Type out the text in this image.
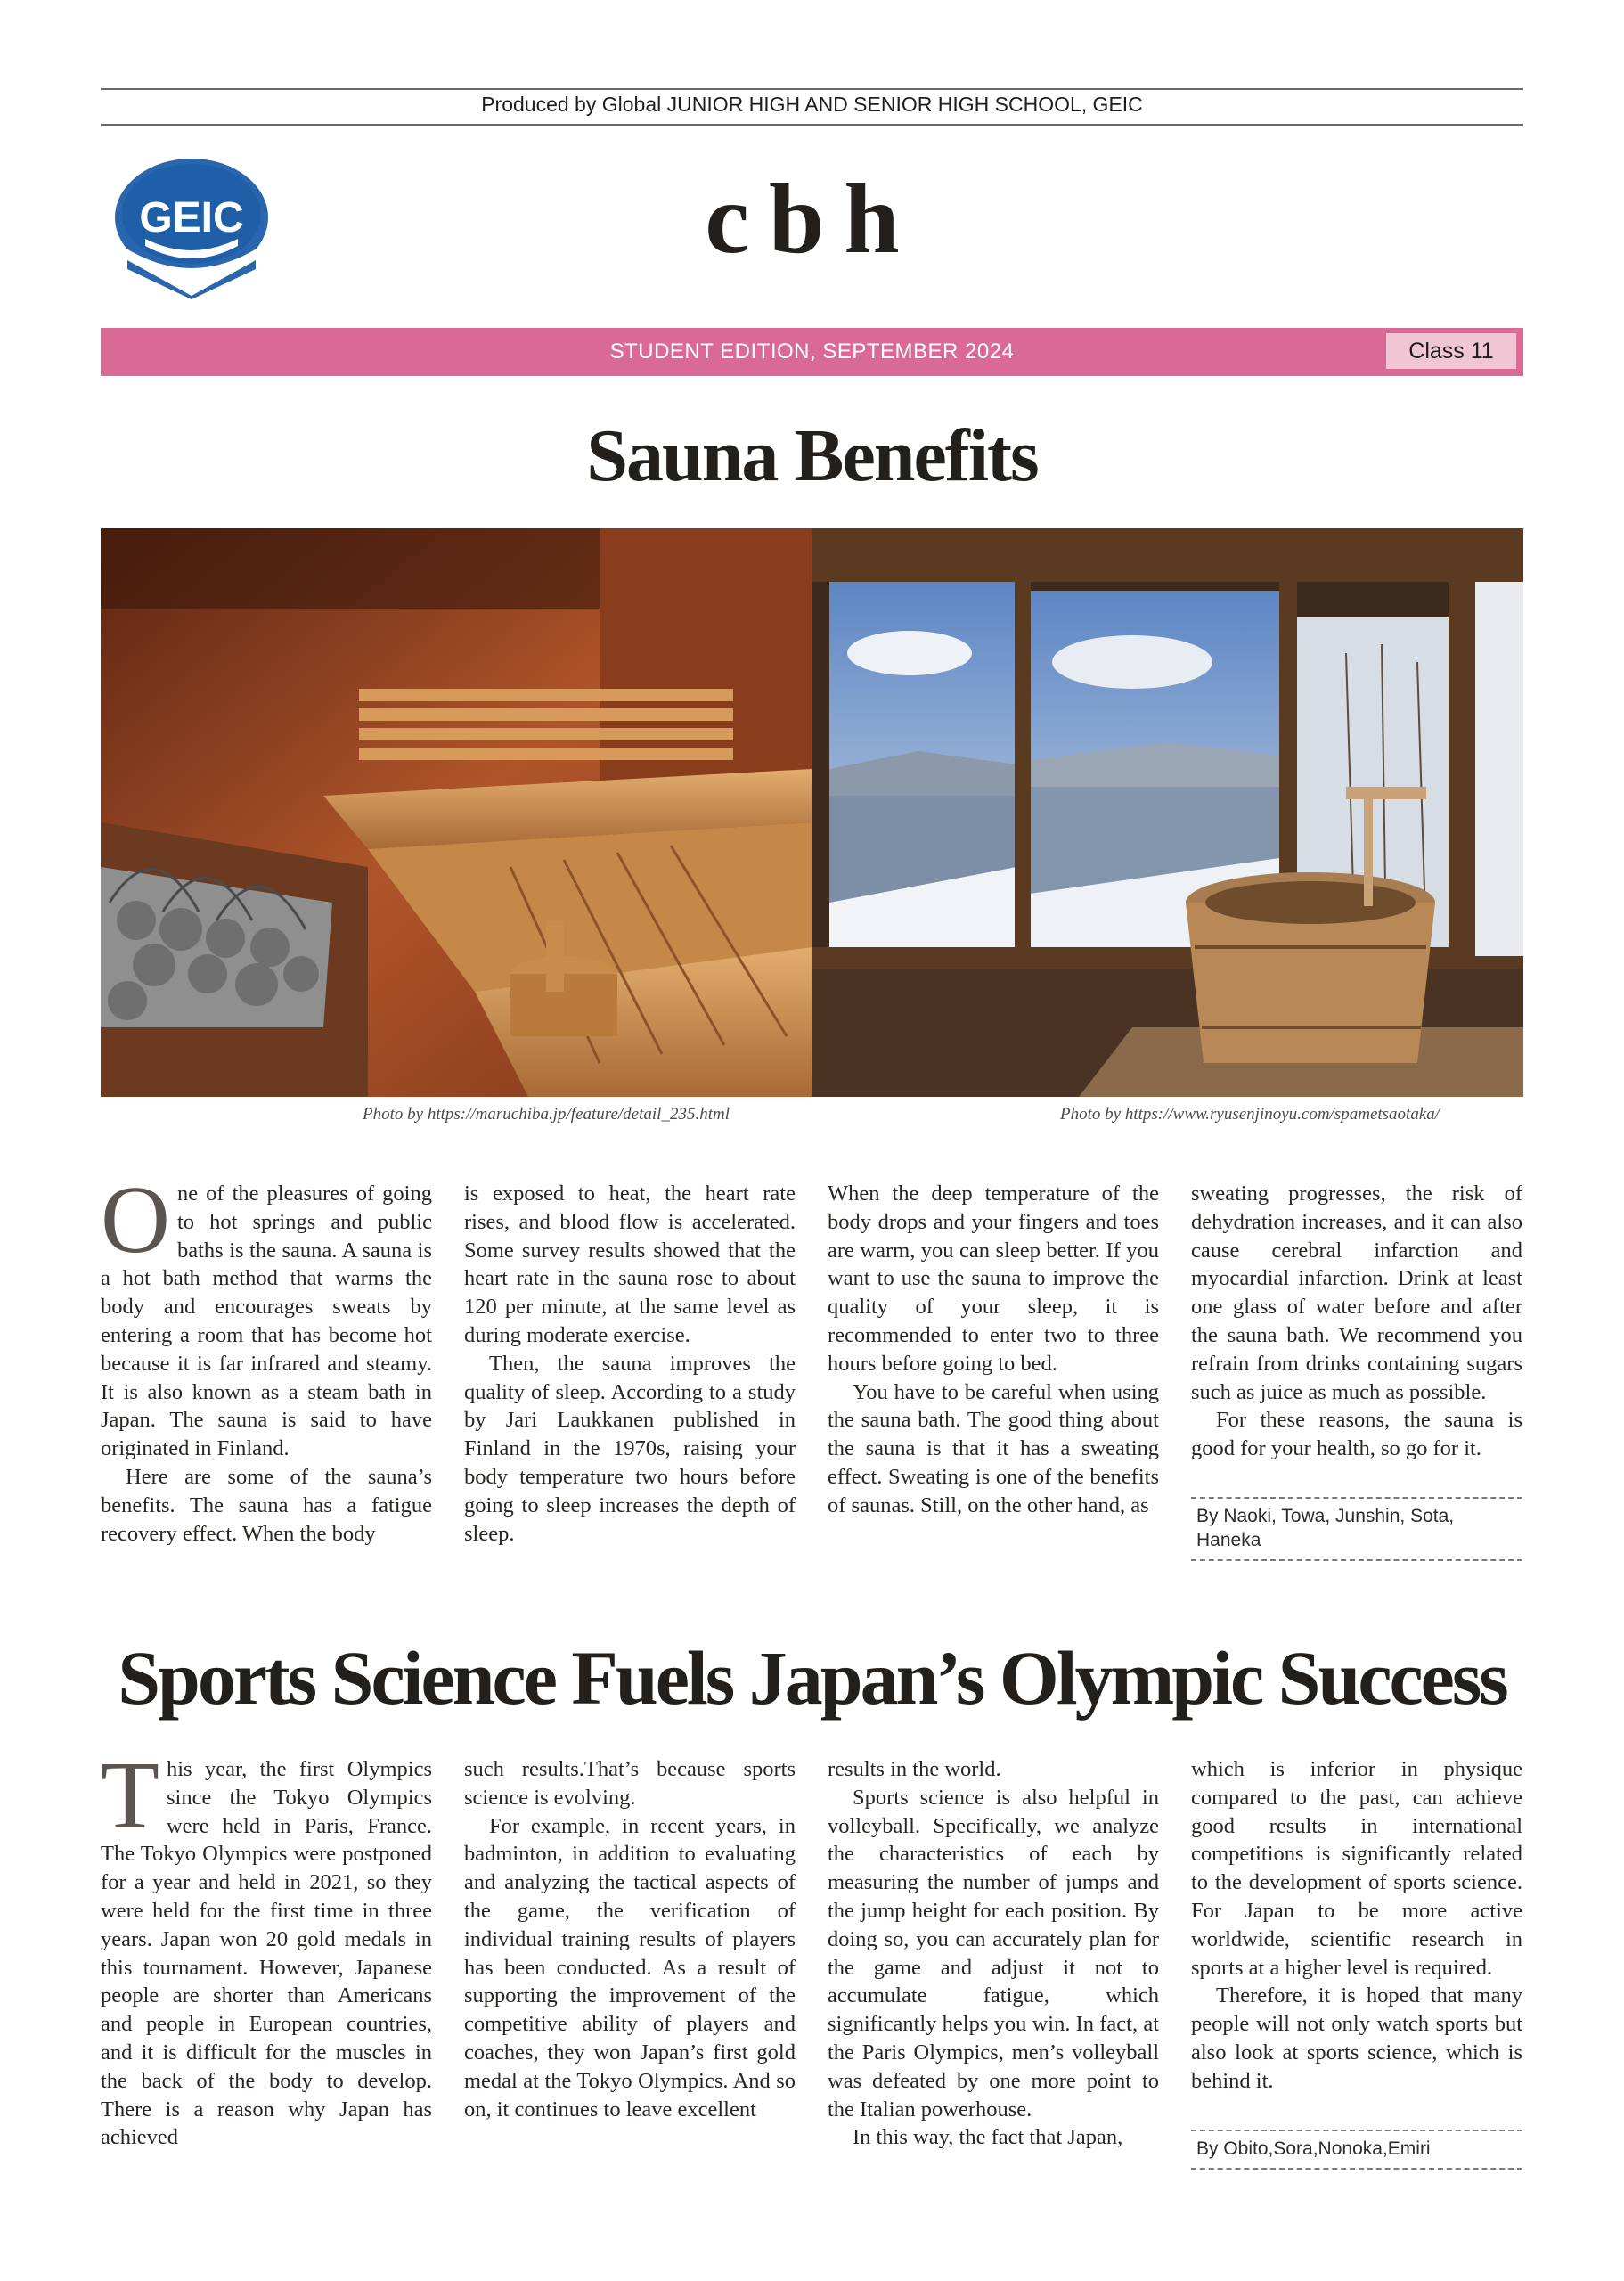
Produced by Global JUNIOR HIGH AND SENIOR HIGH SCHOOL, GEIC
GEIC	cbh
STUDENT EDITION, SEPTEMBER 2024	Class 11
Sauna Benefits
Photo by https://maruchiba.jp/feature/detail_235.html	Photo by https://www.ryusenjinoyu.com/spametsaotaka/

One of the pleasures of going to hot springs and public baths is the sauna. A sauna is a hot bath method that warms the body and encourages sweats by entering a room that has become hot because it is far infrared and steamy. It is also known as a steam bath in Japan. The sauna is said to have originated in Finland.

Here are some of the sauna’s benefits. The sauna has a fatigue recovery effect. When the body

is exposed to heat, the heart rate rises, and blood flow is accelerated. Some survey results showed that the heart rate in the sauna rose to about 120 per minute, at the same level as during moderate exercise.

Then, the sauna improves the quality of sleep. According to a study by Jari Laukkanen published in Finland in the 1970s, raising your body temperature two hours before going to sleep increases the depth of sleep.

When the deep temperature of the body drops and your fingers and toes are warm, you can sleep better. If you want to use the sauna to improve the quality of your sleep, it is recommended to enter two to three hours before going to bed.

You have to be careful when using the sauna bath. The good thing about the sauna is that it has a sweating effect. Sweating is one of the benefits of saunas. Still, on the other hand, as

sweating progresses, the risk of dehydration increases, and it can also cause cerebral infarction and myocardial infarction. Drink at least one glass of water before and after the sauna bath. We recommend you refrain from drinks containing sugars such as juice as much as possible.

For these reasons, the sauna is good for your health, so go for it.

By Naoki, Towa, Junshin, Sota, Haneka
Sports Science Fuels Japan’s Olympic Success

This year, the first Olympics since the Tokyo Olympics were held in Paris, France. The Tokyo Olympics were postponed for a year and held in 2021, so they were held for the first time in three years. Japan won 20 gold medals in this tournament. However, Japanese people are shorter than Americans and people in European countries, and it is difficult for the muscles in the back of the body to develop. There is a reason why Japan has achieved

such results.That’s because sports science is evolving.

For example, in recent years, in badminton, in addition to evaluating and analyzing the tactical aspects of the game, the verification of individual training results of players has been conducted. As a result of supporting the improvement of the competitive ability of players and coaches, they won Japan’s first gold medal at the Tokyo Olympics. And so on, it continues to leave excellent

results in the world.

Sports science is also helpful in volleyball. Specifically, we analyze the characteristics of each by measuring the number of jumps and the jump height for each position. By doing so, you can accurately plan for the game and adjust it not to accumulate fatigue, which significantly helps you win. In fact, at the Paris Olympics, men’s volleyball was defeated by one more point to the Italian powerhouse.

In this way, the fact that Japan,

which is inferior in physique compared to the past, can achieve good results in international competitions is significantly related to the development of sports science. For Japan to be more active worldwide, scientific research in sports at a higher level is required.

Therefore, it is hoped that many people will not only watch sports but also look at sports science, which is behind it.

By Obito,Sora,Nonoka,Emiri
